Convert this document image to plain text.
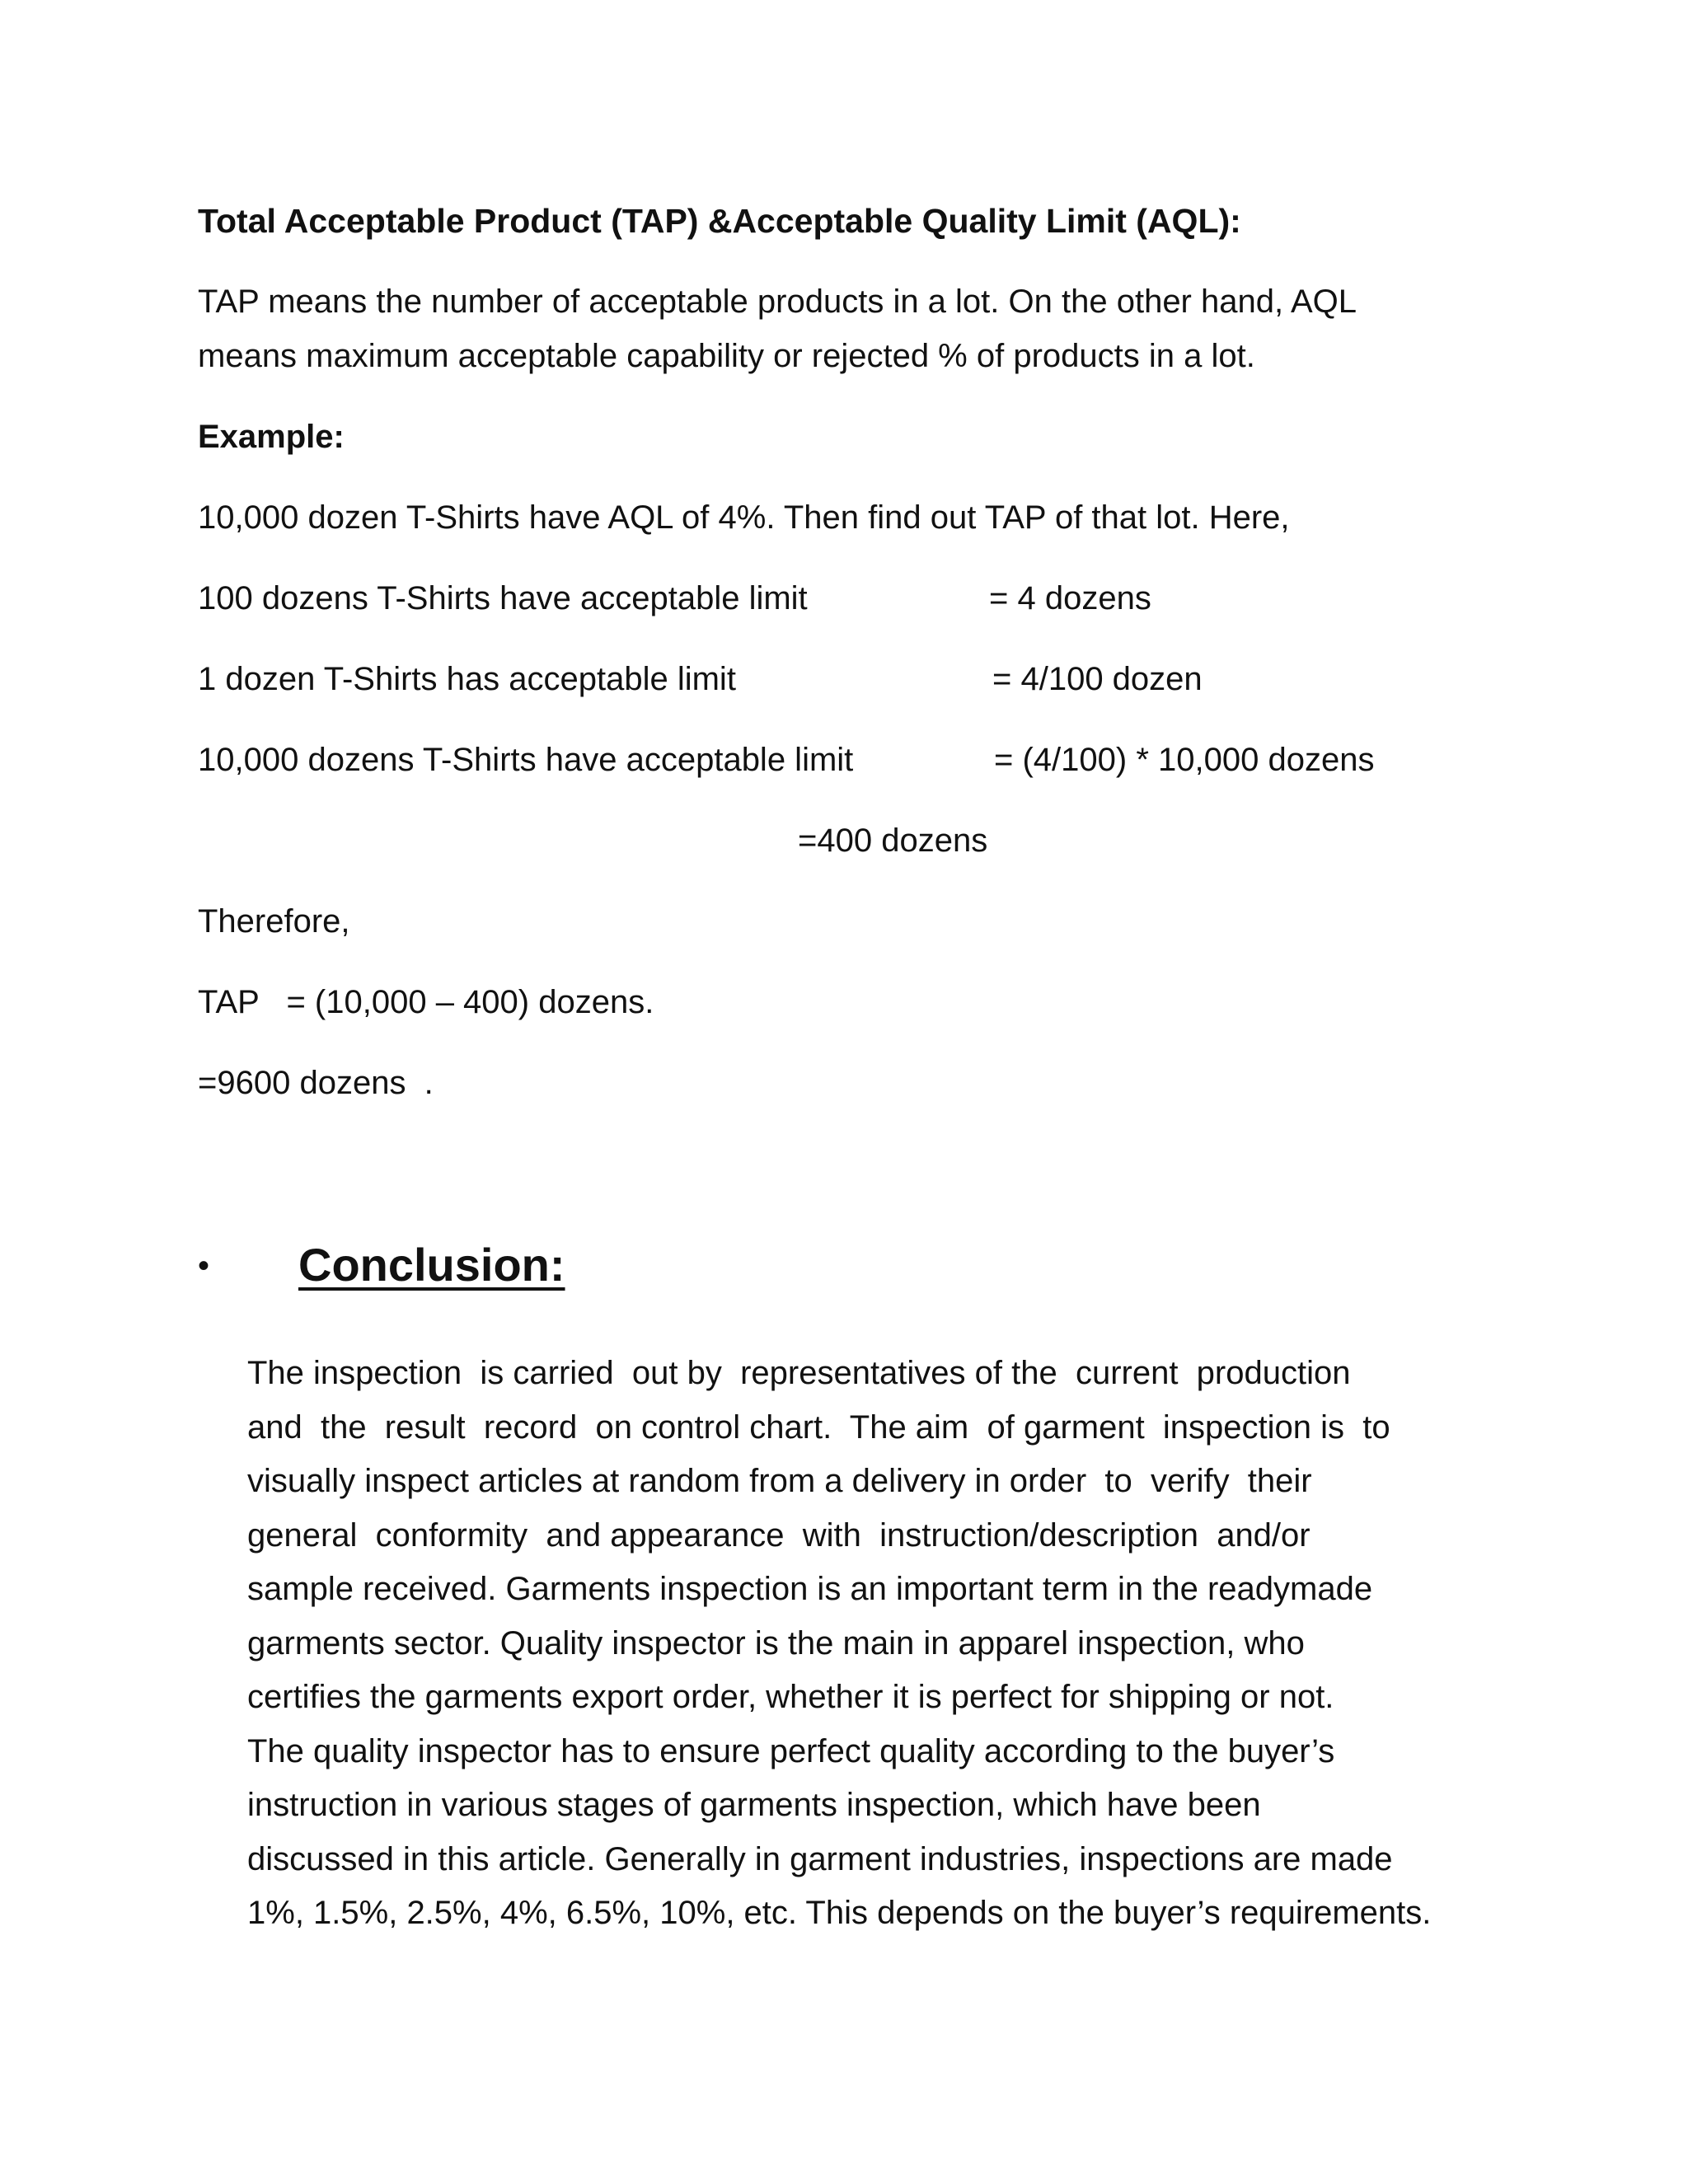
Total Acceptable Product (TAP) &Acceptable Quality Limit (AQL):
TAP means the number of acceptable products in a lot. On the other hand, AQL
means maximum acceptable capability or rejected % of products in a lot.
Example:
10,000 dozen T-Shirts have AQL of 4%. Then find out TAP of that lot. Here,
100 dozens T-Shirts have acceptable limit	= 4 dozens
1 dozen T-Shirts has acceptable limit	= 4/100 dozen
10,000 dozens T-Shirts have acceptable limit	= (4/100) * 10,000 dozens
=400 dozens
Therefore,
TAP   = (10,000 – 400) dozens.
=9600 dozens  .
• Conclusion:
The inspection  is carried  out by  representatives of the  current  production
and  the  result  record  on control chart.  The aim  of garment  inspection is  to
visually inspect articles at random from a delivery in order  to  verify  their
general  conformity  and appearance  with  instruction/description  and/or
sample received. Garments inspection is an important term in the readymade
garments sector. Quality inspector is the main in apparel inspection, who
certifies the garments export order, whether it is perfect for shipping or not.
The quality inspector has to ensure perfect quality according to the buyer’s
instruction in various stages of garments inspection, which have been
discussed in this article. Generally in garment industries, inspections are made
1%, 1.5%, 2.5%, 4%, 6.5%, 10%, etc. This depends on the buyer’s requirements.
